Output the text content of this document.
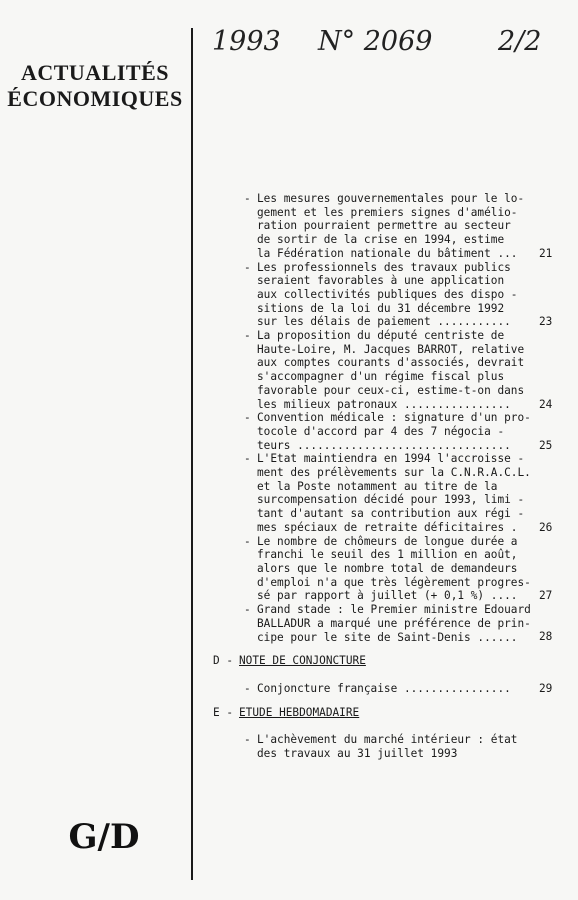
ACTUALITÉS
ÉCONOMIQUES
G/D
1993 N° 2069 2/2
- Les mesures gouvernementales pour le lo-
gement et les premiers signes d'amélio-
ration pourraient permettre au secteur
de sortir de la crise en 1994, estime
la Fédération nationale du bâtiment ...	21
- Les professionnels des travaux publics
seraient favorables à une application
aux collectivités publiques des dispo -
sitions de la loi du 31 décembre 1992
sur les délais de paiement ...........	23
- La proposition du député centriste de
Haute-Loire, M. Jacques BARROT, relative
aux comptes courants d'associés, devrait
s'accompagner d'un régime fiscal plus
favorable pour ceux-ci, estime-t-on dans
les milieux patronaux ................	24
- Convention médicale : signature d'un pro-
tocole d'accord par 4 des 7 négocia -
teurs ................................	25
- L'Etat maintiendra en 1994 l'accroisse -
ment des prélèvements sur la C.N.R.A.C.L.
et la Poste notamment au titre de la
surcompensation décidé pour 1993, limi -
tant d'autant sa contribution aux régi -
mes spéciaux de retraite déficitaires .	26
- Le nombre de chômeurs de longue durée a
franchi le seuil des 1 million en août,
alors que le nombre total de demandeurs
d'emploi n'a que très légèrement progres-
sé par rapport à juillet (+ 0,1 %) ....	27
- Grand stade : le Premier ministre Edouard
BALLADUR a marqué une préférence de prin-
cipe pour le site de Saint-Denis ......	28
D - NOTE DE CONJONCTURE
- Conjoncture française ................	29
E - ETUDE HEBDOMADAIRE
- L'achèvement du marché intérieur : état
des travaux au 31 juillet 1993
